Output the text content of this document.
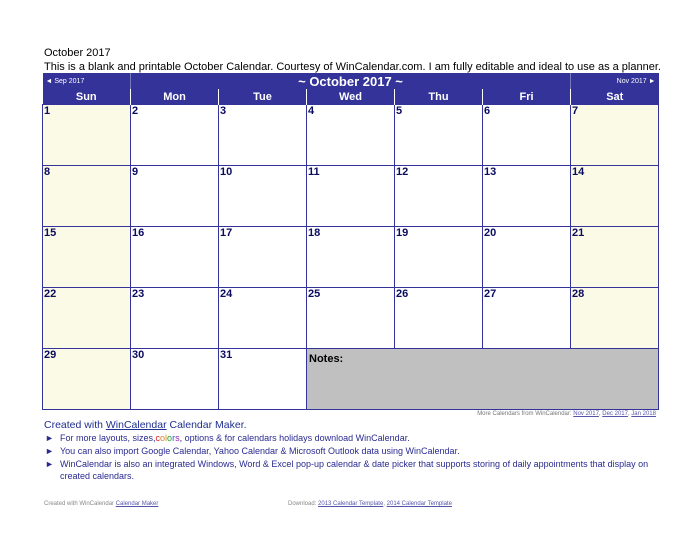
October 2017
This is a blank and printable October Calendar. Courtesy of WinCalendar.com. I am fully editable and ideal to use as a planner.
◄ Sep 2017	~ October 2017 ~					Nov 2017 ►
Sun	Mon	Tue	Wed	Thu	Fri	Sat

1	2	3	4	5	6	7

8	9	10	11	12	13	14

15	16	17	18	19	20	21

22	23	24	25	26	27	28

29	30	31	Notes:			
More Calendars from WinCalendar: Nov 2017, Dec 2017, Jan 2018
Created with WinCalendar Calendar Maker.
► For more layouts, sizes,colors, options & for calendars holidays download WinCalendar.
► You can also import Google Calendar, Yahoo Calendar & Microsoft Outlook data using WinCalendar.
► WinCalendar is also an integrated Windows, Word & Excel pop-up calendar & date picker that supports storing of daily appointments that display on created calendars.
Created with WinCalendar Calendar Maker	Download: 2013 Calendar Template, 2014 Calendar Template
